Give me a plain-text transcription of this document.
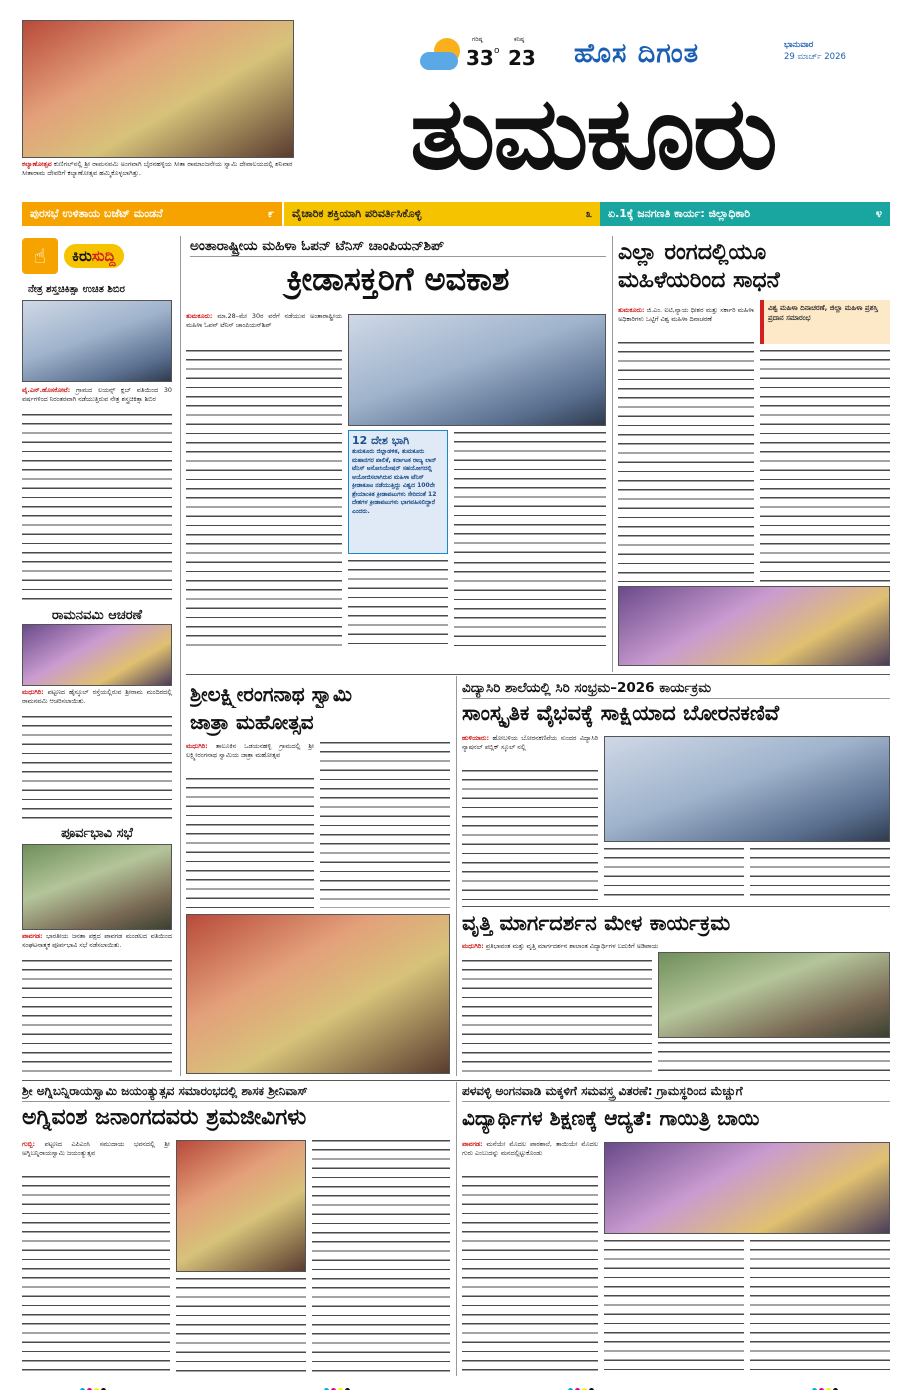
ಕಲ್ಯಾಣೋತ್ಸವ ಕುಣಿಗಲ್‌ನಲ್ಲಿ ಶ್ರೀ ರಾಮನವಮಿ ಅಂಗವಾಗಿ ಬೈರನಹಳ್ಳಿಯ ಸೀತಾ ರಾಮಾಂಜನೇಯ ಸ್ವಾಮಿ ದೇವಾಲಯದಲ್ಲಿ ಶನಿವಾರ ಸೀತಾರಾಮ ದೇವರಿಗೆ ಕಲ್ಯಾಣೋತ್ಸವ ಹಮ್ಮಿಕೊಳ್ಳಲಾಗಿತ್ತು.
ಗರಿಷ್ಠ
33 o
ಕನಿಷ್ಠ
23 ಹೊಸ ದಿಗಂತ	ಭಾನುವಾರ
29 ಮಾರ್ಚ್ 2026
ತುಮಕೂರು
ಪುರಸಭೆ ಉಳಿತಾಯ ಬಜೆಟ್ ಮಂಡನೆ	೯ ವೈಚಾರಿಕ ಶಕ್ತಿಯಾಗಿ ಪರಿವರ್ತಿಸಿಕೊಳ್ಳಿ	೩ ಏ.1ಕ್ಕೆ ಜನಗಣತಿ ಕಾರ್ಯ: ಜಿಲ್ಲಾಧಿಕಾರಿ	೪
☝	ಕಿರುಸುದ್ದಿ
ನೇತ್ರ ಶಸ್ತ್ರಚಿಕಿತ್ಸಾ ಉಚಿತ ಶಿಬಿರ
ವೈ.ಎನ್.ಹೊಸಕೋಟೆ: ಗ್ರಾಮದ ಲಯನ್ಸ್ ಕ್ಲಬ್ ವತಿಯಿಂದ 30 ವರ್ಷಗಳಿಂದ ನಿರಂತರವಾಗಿ ನಡೆಯುತ್ತಿರುವ ನೇತ್ರ ಶಸ್ತ್ರಚಿಕಿತ್ಸಾ ಶಿಬಿರ
ರಾಮನವಮಿ ಆಚರಣೆ
ಮಧುಗಿರಿ: ಪಟ್ಟಣದ ಹೈಸ್ಕೂಲ್ ರಸ್ತೆಯಲ್ಲಿರುವ ಶ್ರೀರಾಮ ಮಂದಿರದಲ್ಲಿ ರಾಮನವಮಿ ಆಚರಿಸಲಾಯಿತು.
ಪೂರ್ವಭಾವಿ ಸಭೆ
ಪಾವಗಡ: ಭಾರತೀಯ ಜನತಾ ಪಕ್ಷದ ಪಾವಗಡ ಮಂಡಲದ ವತಿಯಿಂದ ಸಂಘಟನಾತ್ಮಕ ಪೂರ್ವಭಾವಿ ಸಭೆ ನಡೆಸಲಾಯಿತು.
ಅಂತಾರಾಷ್ಟ್ರೀಯ ಮಹಿಳಾ ಓಪನ್ ಟೆನಿಸ್ ಚಾಂಪಿಯನ್‌ಶಿಪ್
ಕ್ರೀಡಾಸಕ್ತರಿಗೆ ಅವಕಾಶ
ತುಮಕೂರು: ಮಾ.28–ಮೇ 30ರ ವರೆಗೆ ನಡೆಯುವ ಅಂತಾರಾಷ್ಟ್ರೀಯ ಮಹಿಳಾ ಓಪನ್ ಟೆನಿಸ್ ಚಾಂಪಿಯನ್‌ಶಿಪ್
12 ದೇಶ ಭಾಗಿ
ತುಮಕೂರು ಜಿಲ್ಲಾಡಳಿತ, ತುಮಕೂರು ಮಹಾನಗರ ಪಾಲಿಕೆ, ಕರ್ನಾಟಕ ರಾಜ್ಯ ಲಾನ್ ಟೆನಿಸ್ ಅಸೋಸಿಯೇಷನ್ ಸಹಯೋಗದಲ್ಲಿ ಆಯೋಜಿಸಲಾಗಿರುವ ಮಹಿಳಾ ಟೆನಿಸ್ ಕ್ರೀಡಾಕೂಟ ನಡೆಯುತ್ತಿದ್ದು ವಿಶ್ವದ 100ನೇ ಶ್ರೇಯಾಂಕಿತ ಕ್ರೀಡಾಪಟುಗಳು ಸೇರಿದಂತೆ 12 ದೇಶಗಳ ಕ್ರೀಡಾಪಟುಗಳು ಭಾಗವಹಿಸಲಿದ್ದಾರೆ ಎಂದರು.
ಎಲ್ಲಾ ರಂಗದಲ್ಲಿಯೂ
ಮಹಿಳೆಯರಿಂದ ಸಾಧನೆ
ತುಮಕೂರು: ಜಿ.ಎಂ. ಐಟಿ,ನ್ಯಾಯ ಧೀಶರ ಮತ್ತು ಸರ್ಕಾರಿ ಮಹಿಳಾ ಅಧಿಕಾರಿಗಳು ಒಟ್ಟಿಗೆ ವಿಶ್ವ ಮಹಿಳಾ ದಿನಾಚರಣೆ
ವಿಶ್ವ ಮಹಿಳಾ ದಿನಾಚರಣೆ, ಜಿಲ್ಲಾ ಮಹಿಳಾ ಪ್ರಶಸ್ತಿ ಪ್ರದಾನ ಸಮಾರಂಭ
ಶ್ರೀಲಕ್ಷ್ಮೀರಂಗನಾಥ ಸ್ವಾಮಿ
ಜಾತ್ರಾ ಮಹೋತ್ಸವ
ಮಧುಗಿರಿ: ತಾಲೂಕಿನ ಒಡಯನಹಳ್ಳಿ ಗ್ರಾಮದಲ್ಲಿ ಶ್ರೀ ಲಕ್ಷ್ಮೀರಂಗನಾಥ ಸ್ವಾಮಿಯ ಜಾತ್ರಾ ಮಹೋತ್ಸವ
ವಿದ್ಯಾಸಿರಿ ಶಾಲೆಯಲ್ಲಿ ಸಿರಿ ಸಂಭ್ರಮ–2026 ಕಾರ್ಯಕ್ರಮ
ಸಾಂಸ್ಕೃತಿಕ ವೈಭವಕ್ಕೆ ಸಾಕ್ಷಿಯಾದ ಬೋರನಕಣಿವೆ
ಹುಳಿಯಾರು: ಹೋಬಳಿಯ ಬೋರನಕಣಿವೆಯ ಸುಂದರ ವಿದ್ಯಾಸಿರಿ ನ್ಯಾಷನಲ್ ಪಬ್ಲಿಕ್ ಸ್ಕೂಲ್ ನಲ್ಲಿ
ವೃತ್ತಿ ಮಾರ್ಗದರ್ಶನ ಮೇಳ ಕಾರ್ಯಕ್ರಮ
ಮಧುಗಿರಿ: ಪ್ರತಿಭಾವಂತ ಮತ್ತು ವೃತ್ತಿ ಮಾರ್ಗದರ್ಶನ ಶಾಲಾಂತ ವಿದ್ಯಾರ್ಥಿಗಳ ಬದುಕಿಗೆ ಅಡಿಪಾಯ
ಶ್ರೀ ಅಗ್ನಿಬನ್ನಿರಾಯಸ್ವಾಮಿ ಜಯಂತ್ಯುತ್ಸವ ಸಮಾರಂಭದಲ್ಲಿ ಶಾಸಕ ಶ್ರೀನಿವಾಸ್
ಅಗ್ನಿವಂಶ ಜನಾಂಗದವರು ಶ್ರಮಜೀವಿಗಳು
ಗುಬ್ಬಿ: ಪಟ್ಟಣದ ಎಪಿಎಂಸಿ ಸಮುದಾಯ ಭವನದಲ್ಲಿ ಶ್ರೀ ಅಗ್ನಿಬನ್ನಿರಾಯಸ್ವಾಮಿ ಜಯಂತ್ಯುತ್ಸವ
ಪಳವಳ್ಳಿ ಅಂಗನವಾಡಿ ಮಕ್ಕಳಿಗೆ ಸಮವಸ್ತ್ರ ವಿತರಣೆ: ಗ್ರಾಮಸ್ಥರಿಂದ ಮೆಚ್ಚುಗೆ
ವಿದ್ಯಾರ್ಥಿಗಳ ಶಿಕ್ಷಣಕ್ಕೆ ಆದ್ಯತೆ: ಗಾಯಿತ್ರಿ ಬಾಯಿ
ಪಾವಗಡ: ಮನೆಯೇ ಮೊದಲ ಪಾಠಶಾಲೆ, ತಾಯಿಯೇ ಮೊದಲ ಗುರು ಎಂಬುದನ್ನು ಮನದಲ್ಲಿಟ್ಟುಕೊಂಡು
